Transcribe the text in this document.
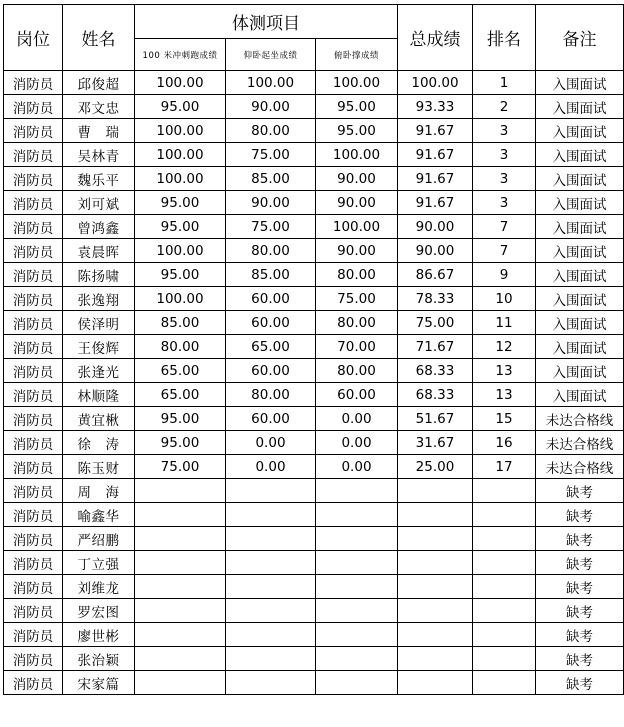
岗位	姓名	体测项目			总成绩	排名	备注
		100 米冲刺跑成绩	仰卧起坐成绩	俯卧撑成绩			
消防员	邱俊超	100.00	100.00	100.00	100.00	1	入围面试
消防员	邓文忠	95.00	90.00	95.00	93.33	2	入围面试
消防员	曹　瑞	100.00	80.00	95.00	91.67	3	入围面试
消防员	吴林青	100.00	75.00	100.00	91.67	3	入围面试
消防员	魏乐平	100.00	85.00	90.00	91.67	3	入围面试
消防员	刘可斌	95.00	90.00	90.00	91.67	3	入围面试
消防员	曾鸿鑫	95.00	75.00	100.00	90.00	7	入围面试
消防员	袁晨晖	100.00	80.00	90.00	90.00	7	入围面试
消防员	陈扬啸	95.00	85.00	80.00	86.67	9	入围面试
消防员	张逸翔	100.00	60.00	75.00	78.33	10	入围面试
消防员	侯泽明	85.00	60.00	80.00	75.00	11	入围面试
消防员	王俊辉	80.00	65.00	70.00	71.67	12	入围面试
消防员	张逢光	65.00	60.00	80.00	68.33	13	入围面试
消防员	林顺隆	65.00	80.00	60.00	68.33	13	入围面试
消防员	黄宜楸	95.00	60.00	0.00	51.67	15	未达合格线
消防员	徐　涛	95.00	0.00	0.00	31.67	16	未达合格线
消防员	陈玉财	75.00	0.00	0.00	25.00	17	未达合格线
消防员	周　海						缺考
消防员	喻鑫华						缺考
消防员	严绍鹏						缺考
消防员	丁立强						缺考
消防员	刘维龙						缺考
消防员	罗宏图						缺考
消防员	廖世彬						缺考
消防员	张治颖						缺考
消防员	宋家篇						缺考
